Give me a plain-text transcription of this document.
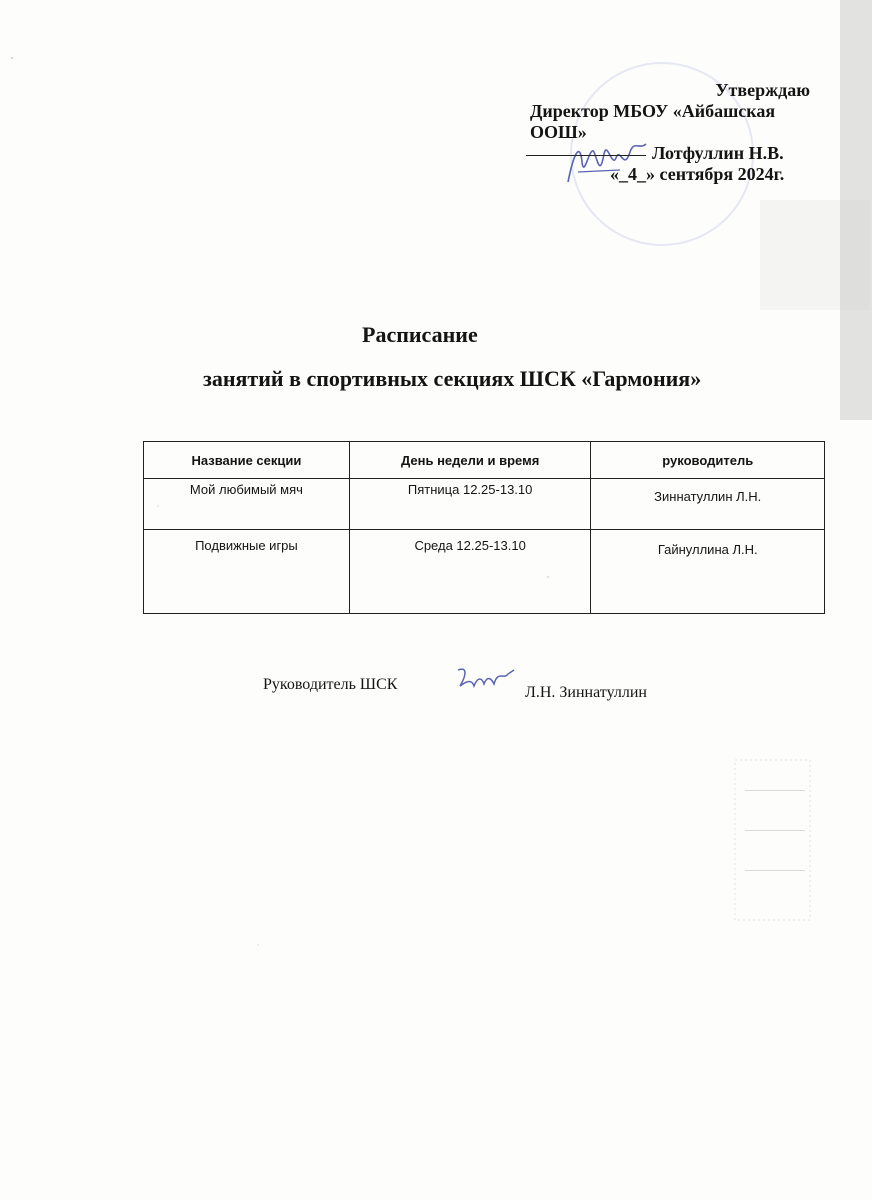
Утверждаю
Директор МБОУ «Айбашская
ООШ»
Лотфуллин Н.В.
«_4_» сентября 2024г.
Расписание
занятий в спортивных секциях ШСК «Гармония»
Название секции	День недели и время	руководитель
Мой любимый мяч	Пятница 12.25-13.10	Зиннатуллин Л.Н.
Подвижные игры	Среда 12.25-13.10	Гайнуллина Л.Н.
Руководитель ШСК	Л.Н. Зиннатуллин
